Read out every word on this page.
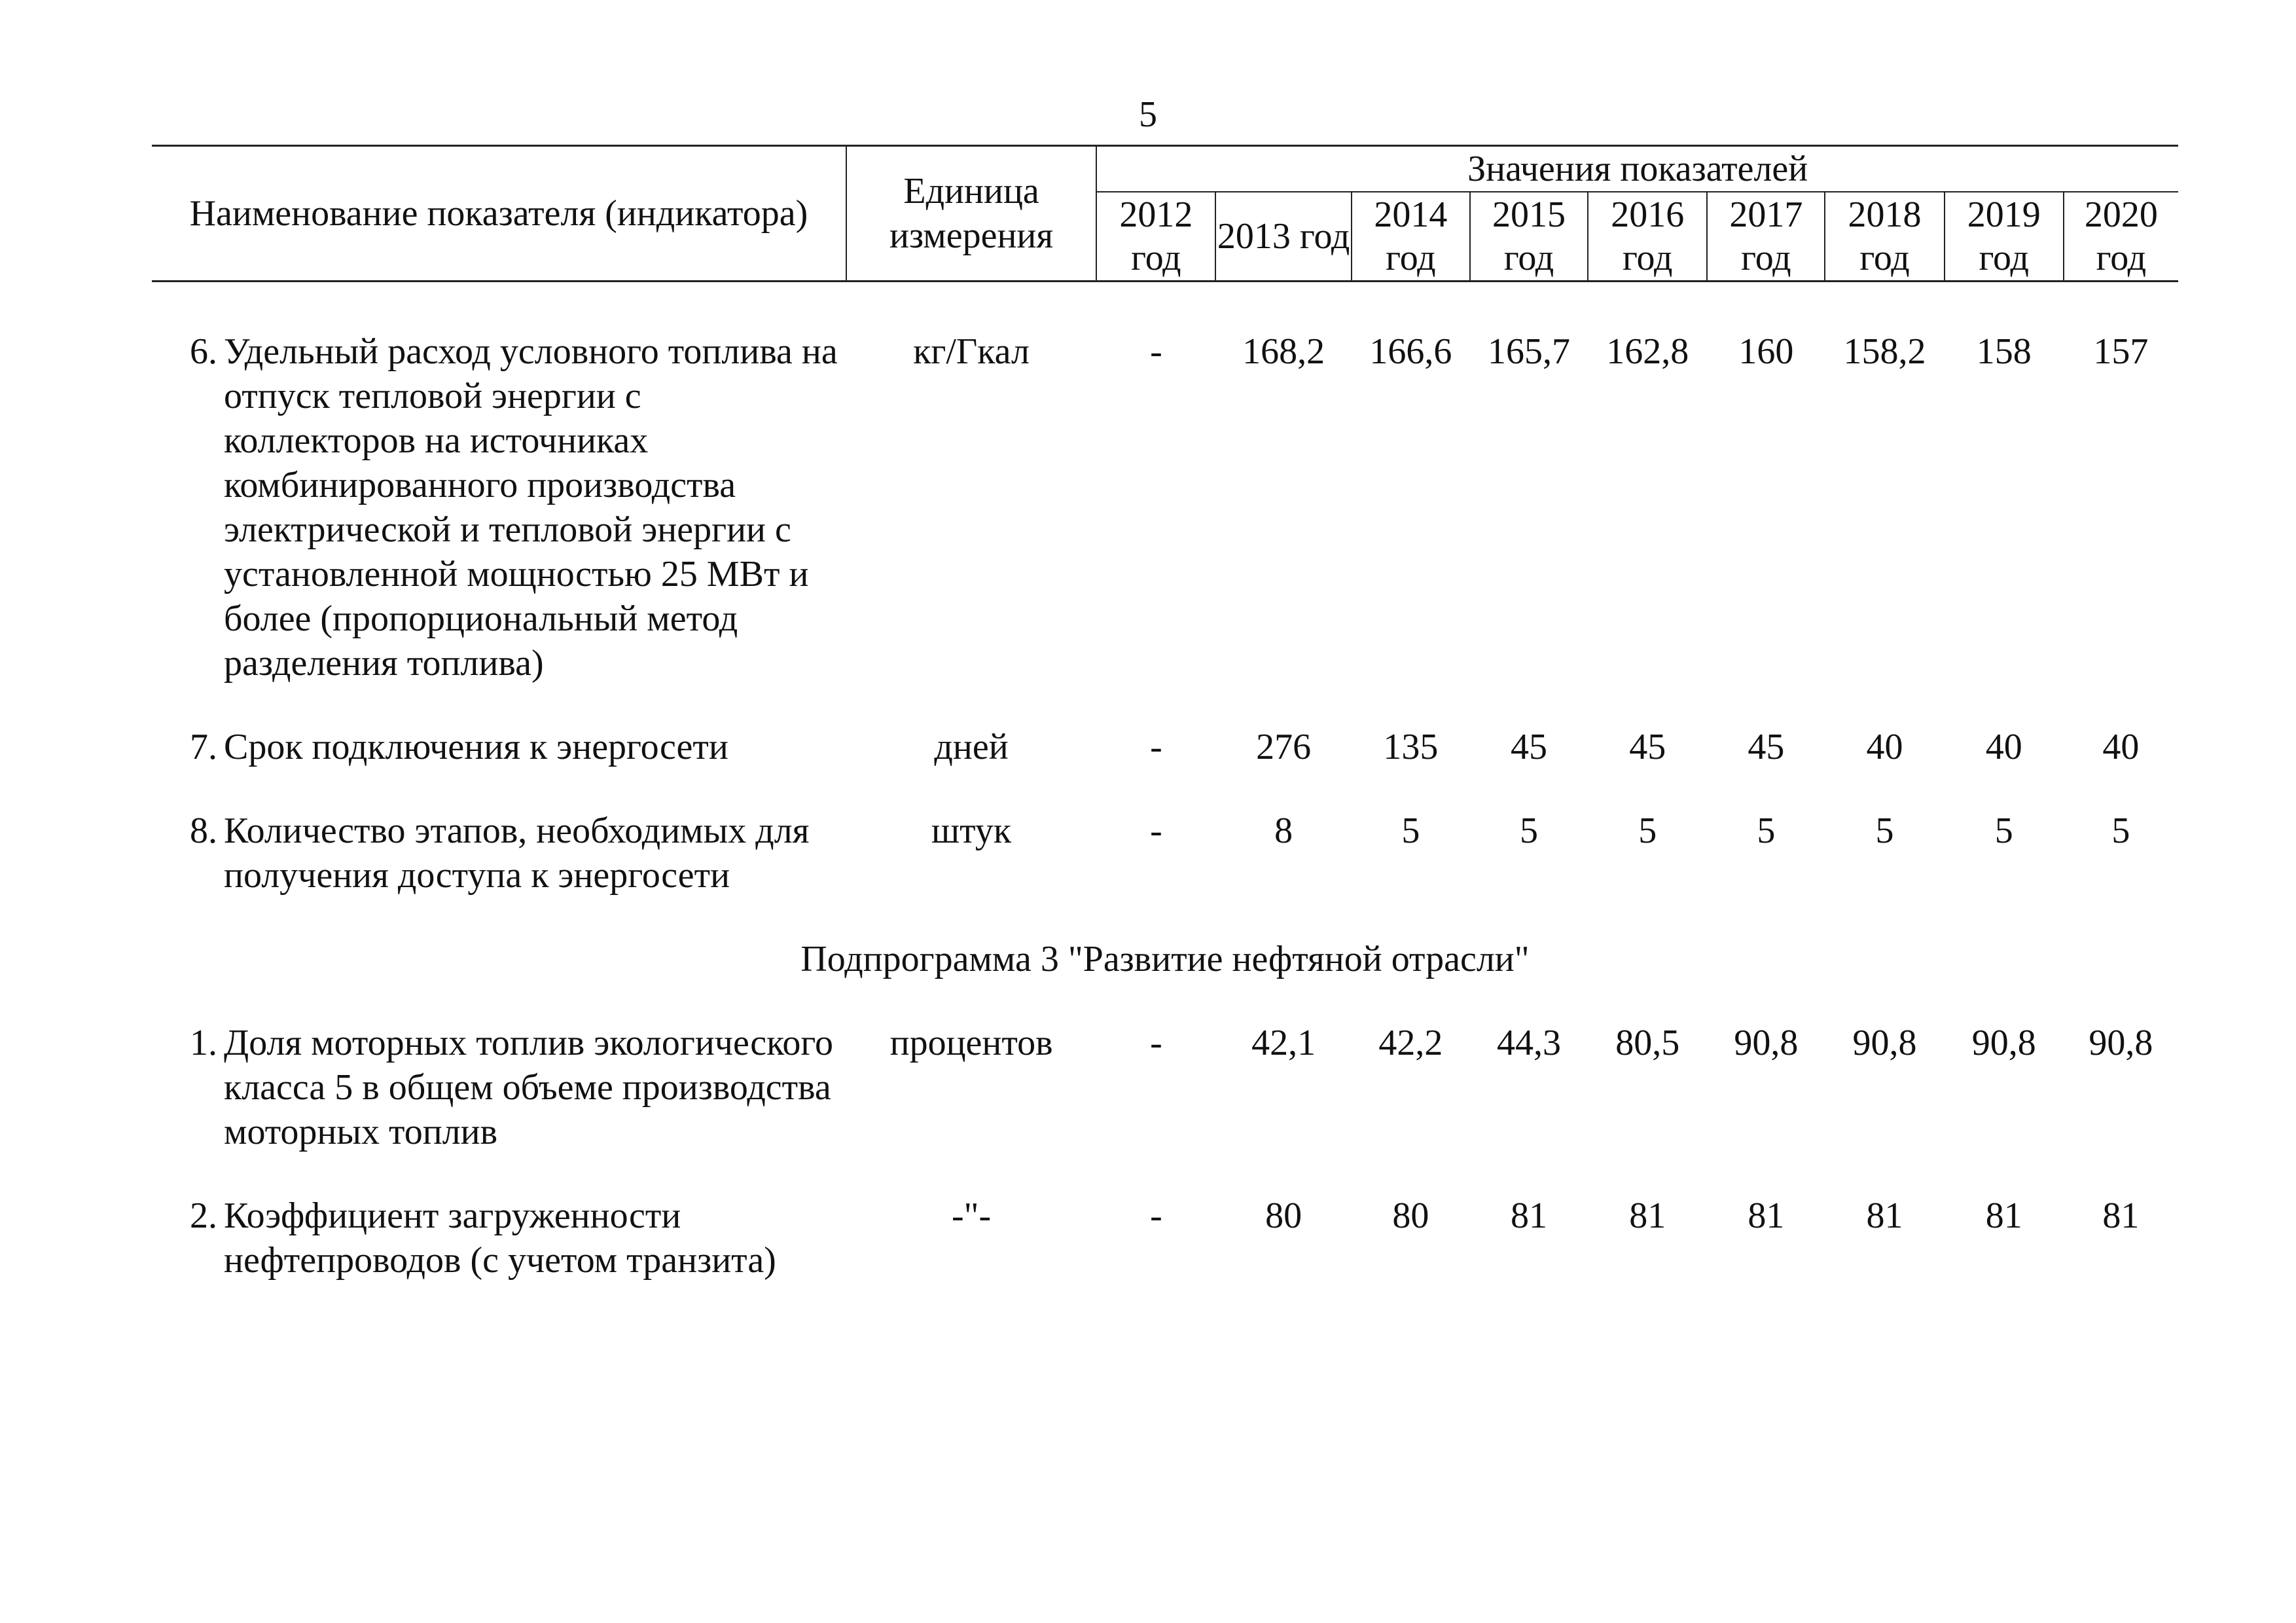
5
Наименование показателя (индикатора)	Единица измерения	Значения показателей								
		2012 год	2013 год	2014 год	2015 год	2016 год	2017 год	2018 год	2019 год	2020 год

6. Удельный расход условного топлива на отпуск тепловой энергии с коллекторов на источниках комбинированного производства электрической и тепловой энергии с установленной мощностью 25 МВт и более (пропорциональный метод разделения топлива)	кг/Гкал	-	168,2	166,6	165,7	162,8	160	158,2	158	157

7. Срок подключения к энергосети	дней	-	276	135	45	45	45	40	40	40

8. Количество этапов, необходимых для получения доступа к энергосети	штук	-	8	5	5	5	5	5	5	5

Подпрограмма 3 "Развитие нефтяной отрасли"										

1. Доля моторных топлив экологического класса 5 в общем объеме производства моторных топлив	процентов	-	42,1	42,2	44,3	80,5	90,8	90,8	90,8	90,8

2. Коэффициент загруженности нефтепроводов (с учетом транзита)	-"-	-	80	80	81	81	81	81	81	81
